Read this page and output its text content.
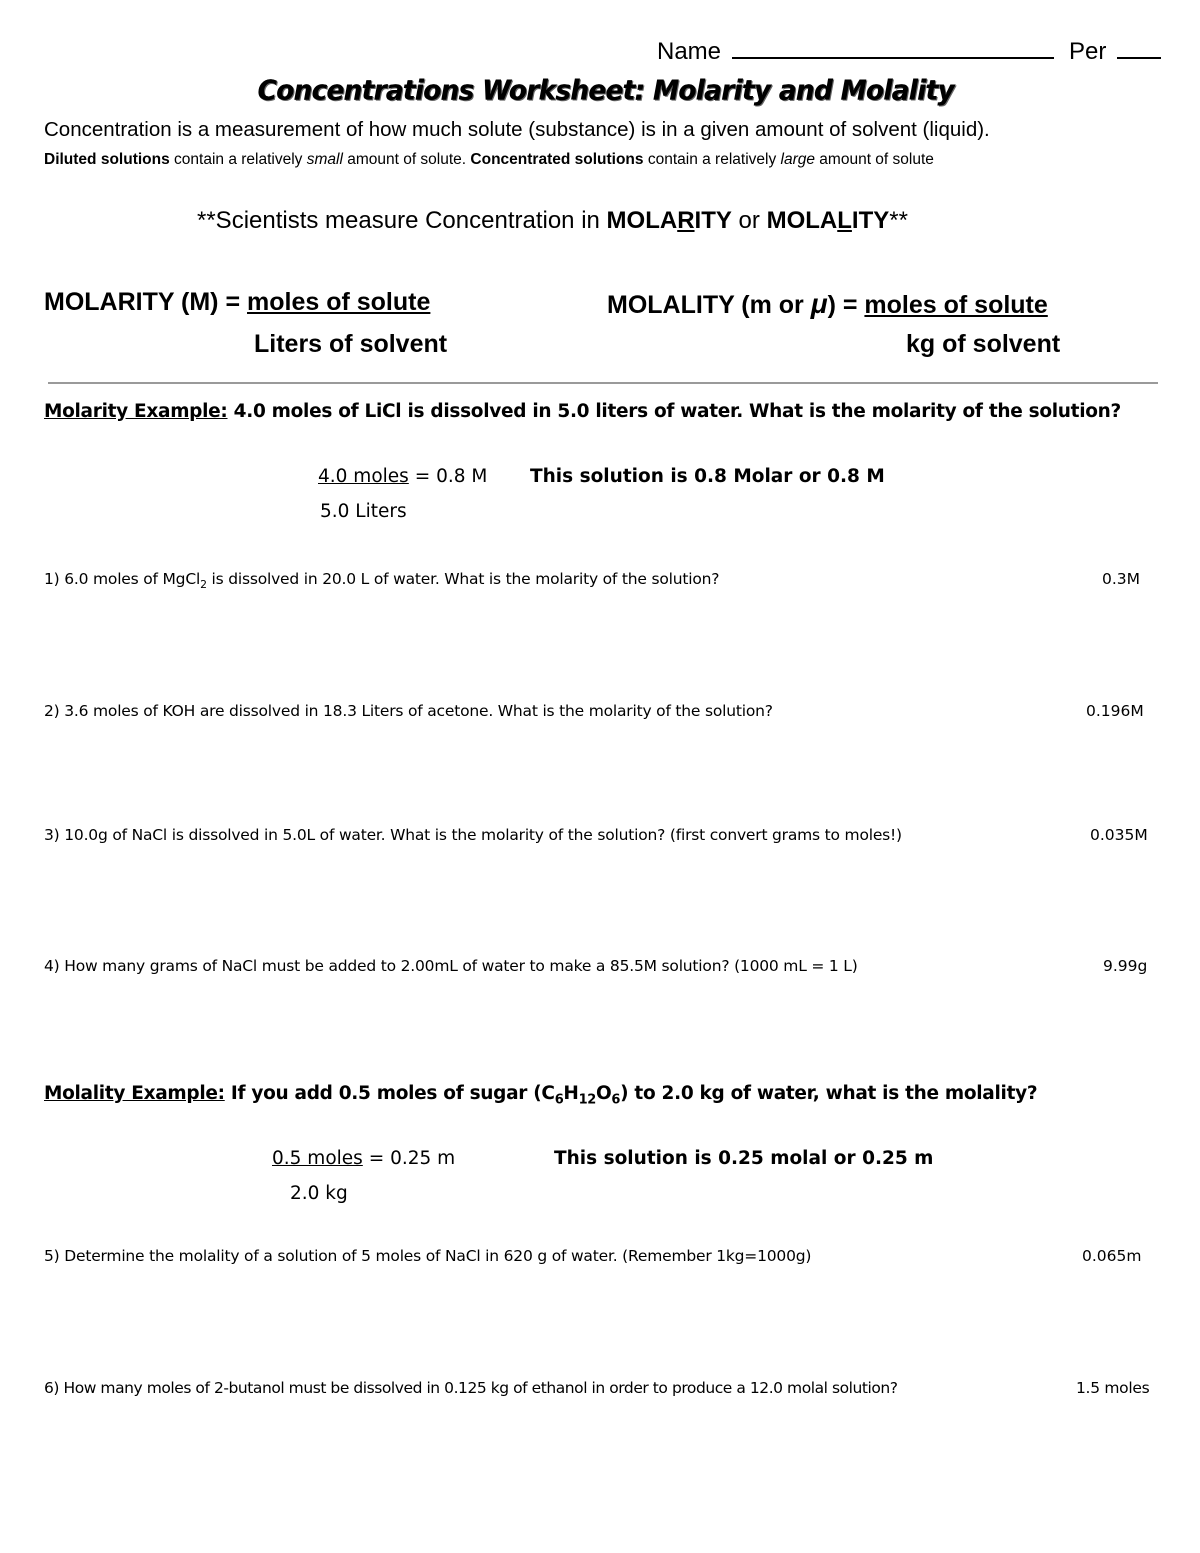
Name	Per
Concentrations Worksheet: Molarity and Molality
Concentration is a measurement of how much solute (substance) is in a given amount of solvent (liquid).
Diluted solutions contain a relatively small amount of solute. Concentrated solutions contain a relatively large amount of solute
**Scientists measure Concentration in MOLARITY or MOLALITY**
MOLARITY (M) = moles of solute
Liters of solvent
MOLALITY (m or μ) = moles of solute
kg of solvent
Molarity Example: 4.0 moles of LiCl is dissolved in 5.0 liters of water. What is the molarity of the solution?
4.0 moles = 0.8 M This solution is 0.8 Molar or 0.8 M
5.0 Liters
1) 6.0 moles of MgCl$_2$ is dissolved in 20.0 L of water. What is the molarity of the solution?	0.3M
2) 3.6 moles of KOH are dissolved in 18.3 Liters of acetone. What is the molarity of the solution?	0.196M
3) 10.0g of NaCl is dissolved in 5.0L of water. What is the molarity of the solution? (first convert grams to moles!)	0.035M
4) How many grams of NaCl must be added to 2.00mL of water to make a 85.5M solution? (1000 mL = 1 L)	9.99g
Molality Example: If you add 0.5 moles of sugar $(C_6H_{12}O_6)$ to 2.0 kg of water, what is the molality?
0.5 moles = 0.25 m	This solution is 0.25 molal or 0.25 m
2.0 kg
5) Determine the molality of a solution of 5 moles of NaCl in 620 g of water. (Remember 1kg=1000g)	0.065m
6) How many moles of 2-butanol must be dissolved in 0.125 kg of ethanol in order to produce a 12.0 molal solution?	1.5 moles
